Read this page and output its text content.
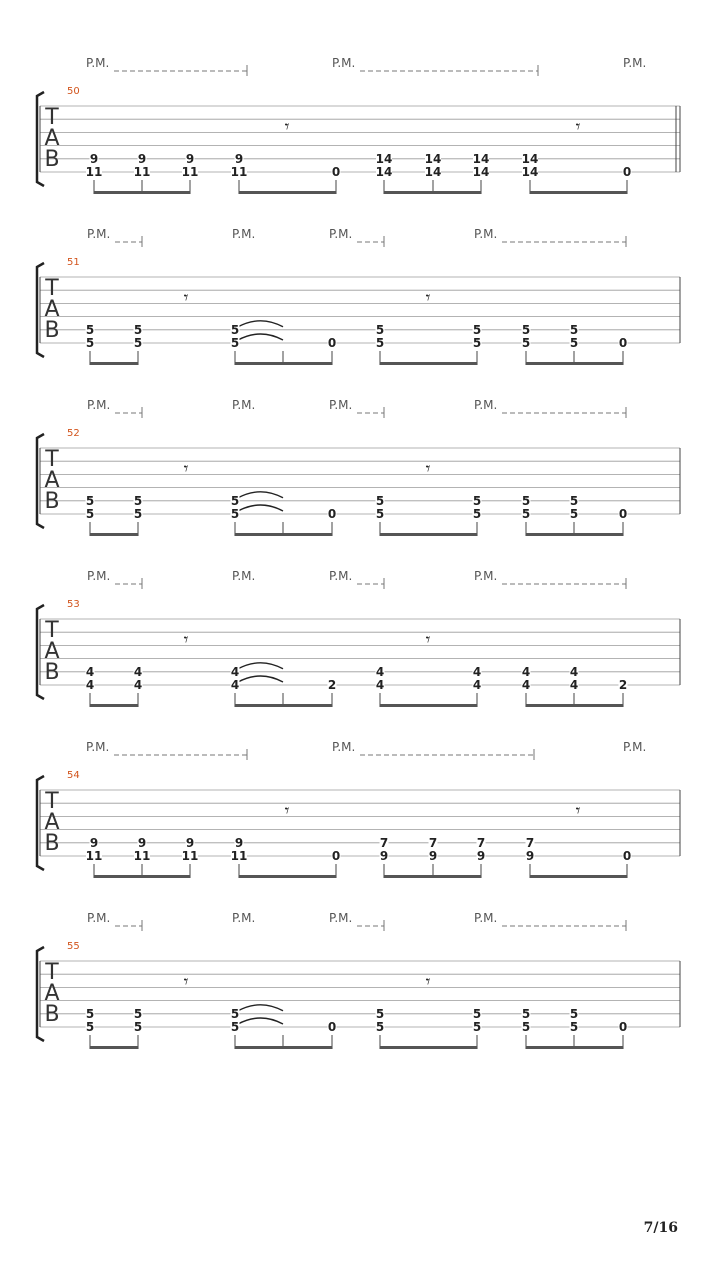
50
P.M.	P.M.	P.M.
T
A
B
𝄾	𝄾
9
11
9
11
9
11
9
11	0
14
14
14
14
14
14
14
14	0
51
P.M.	P.M.	P.M.	P.M.
T
A
B
𝄾	𝄾
5
5
5
5
5
5	0
5
5
5
5
5
5
5
5	0
52
P.M.	P.M.	P.M.	P.M.
T
A
B
𝄾	𝄾
5
5
5
5
5
5	0
5
5
5
5
5
5
5
5	0
53
P.M.	P.M.	P.M.	P.M.
T
A
B
𝄾	𝄾
4
4
4
4
4
4	2
4
4
4
4
4
4
4
4	2
54
P.M.	P.M.	P.M.
T
A
B
𝄾	𝄾
9
11
9
11
9
11
9
11	0
7
9
7
9
7
9
7
9	0
55
P.M.	P.M.	P.M.	P.M.
T
A
B
𝄾	𝄾
5
5
5
5
5
5	0
5
5
5
5
5
5
5
5	0
7/16
